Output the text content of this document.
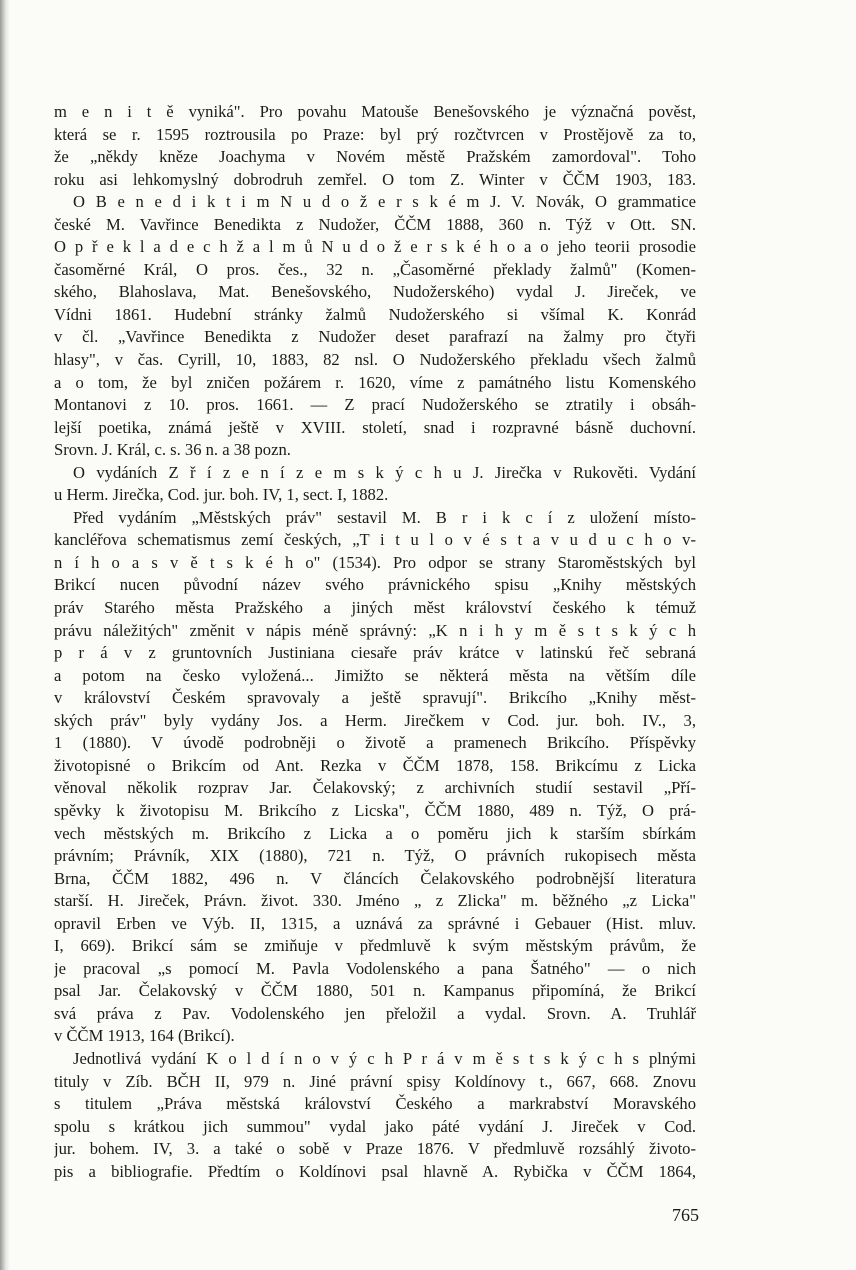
m e n i t ě vyniká". Pro povahu Matouše Benešovského je význačná pověst,
která se r. 1595 roztrousila po Praze: byl prý rozčtvrcen v Prostějově za to,
že „někdy kněze Joachyma v Novém městě Pražském zamordoval". Toho
roku asi lehkomyslný dobrodruh zemřel. O tom Z. Winter v ČČM 1903, 183.
O B e n e d i k t i m N u d o ž e r s k é m J. V. Novák, O grammatice
české M. Vavřince Benedikta z Nudožer, ČČM 1888, 360 n. Týž v Ott. SN.
O p ř e k l a d e c h ž a l m ů N u d o ž e r s k é h o a o jeho teorii prosodie
časoměrné Král, O pros. čes., 32 n. „Časoměrné překlady žalmů" (Komen-
ského, Blahoslava, Mat. Benešovského, Nudožerského) vydal J. Jireček, ve
Vídni 1861. Hudební stránky žalmů Nudožerského si všímal K. Konrád
v čl. „Vavřince Benedikta z Nudožer deset parafrazí na žalmy pro čtyři
hlasy", v čas. Cyrill, 10, 1883, 82 nsl. O Nudožerského překladu všech žalmů
a o tom, že byl zničen požárem r. 1620, víme z památného listu Komenského
Montanovi z 10. pros. 1661. — Z prací Nudožerského se ztratily i obsáh-
lejší poetika, známá ještě v XVIII. století, snad i rozpravné básně duchovní.
Srovn. J. Král, c. s. 36 n. a 38 pozn.
O vydáních Z ř í z e n í z e m s k ý c h u J. Jirečka v Rukověti. Vydání
u Herm. Jirečka, Cod. jur. boh. IV, 1, sect. I, 1882.
Před vydáním „Městských práv" sestavil M. B r i k c í z uložení místo-
kancléřova schematismus zemí českých, „T i t u l o v é s t a v u d u c h o v-
n í h o a s v ě t s k é h o" (1534). Pro odpor se strany Staroměstských byl
Brikcí nucen původní název svého právnického spisu „Knihy městských
práv Starého města Pražského a jiných měst království českého k témuž
právu náležitých" změnit v nápis méně správný: „K n i h y m ě s t s k ý c h
p r á v z gruntovních Justiniana ciesaře práv krátce v latinskú řeč sebraná
a potom na česko vyložená... Jimižto se některá města na větším díle
v království Českém spravovaly a ještě spravují". Brikcího „Knihy měst-
ských práv" byly vydány Jos. a Herm. Jirečkem v Cod. jur. boh. IV., 3,
1 (1880). V úvodě podrobněji o životě a pramenech Brikcího. Příspěvky
životopisné o Brikcím od Ant. Rezka v ČČM 1878, 158. Brikcímu z Licka
věnoval několik rozprav Jar. Čelakovský; z archivních studií sestavil „Pří-
spěvky k životopisu M. Brikcího z Licska", ČČM 1880, 489 n. Týž, O prá-
vech městských m. Brikcího z Licka a o poměru jich k starším sbírkám
právním; Právník, XIX (1880), 721 n. Týž, O právních rukopisech města
Brna, ČČM 1882, 496 n. V článcích Čelakovského podrobnější literatura
starší. H. Jireček, Právn. život. 330. Jméno „ z Zlicka" m. běžného „z Licka"
opravil Erben ve Výb. II, 1315, a uznává za správné i Gebauer (Hist. mluv.
I, 669). Brikcí sám se zmiňuje v předmluvě k svým městským právům, že
je pracoval „s pomocí M. Pavla Vodolenského a pana Šatného" — o nich
psal Jar. Čelakovský v ČČM 1880, 501 n. Kampanus připomíná, že Brikcí
svá práva z Pav. Vodolenského jen přeložil a vydal. Srovn. A. Truhlář
v ČČM 1913, 164 (Brikcí).
Jednotlivá vydání K o l d í n o v ý c h P r á v m ě s t s k ý c h s plnými
tituly v Zíb. BČH II, 979 n. Jiné právní spisy Koldínovy t., 667, 668. Znovu
s titulem „Práva městská království Českého a markrabství Moravského
spolu s krátkou jich summou" vydal jako páté vydání J. Jireček v Cod.
jur. bohem. IV, 3. a také o sobě v Praze 1876. V předmluvě rozsáhlý životo-
pis a bibliografie. Předtím o Koldínovi psal hlavně A. Rybička v ČČM 1864,
765
